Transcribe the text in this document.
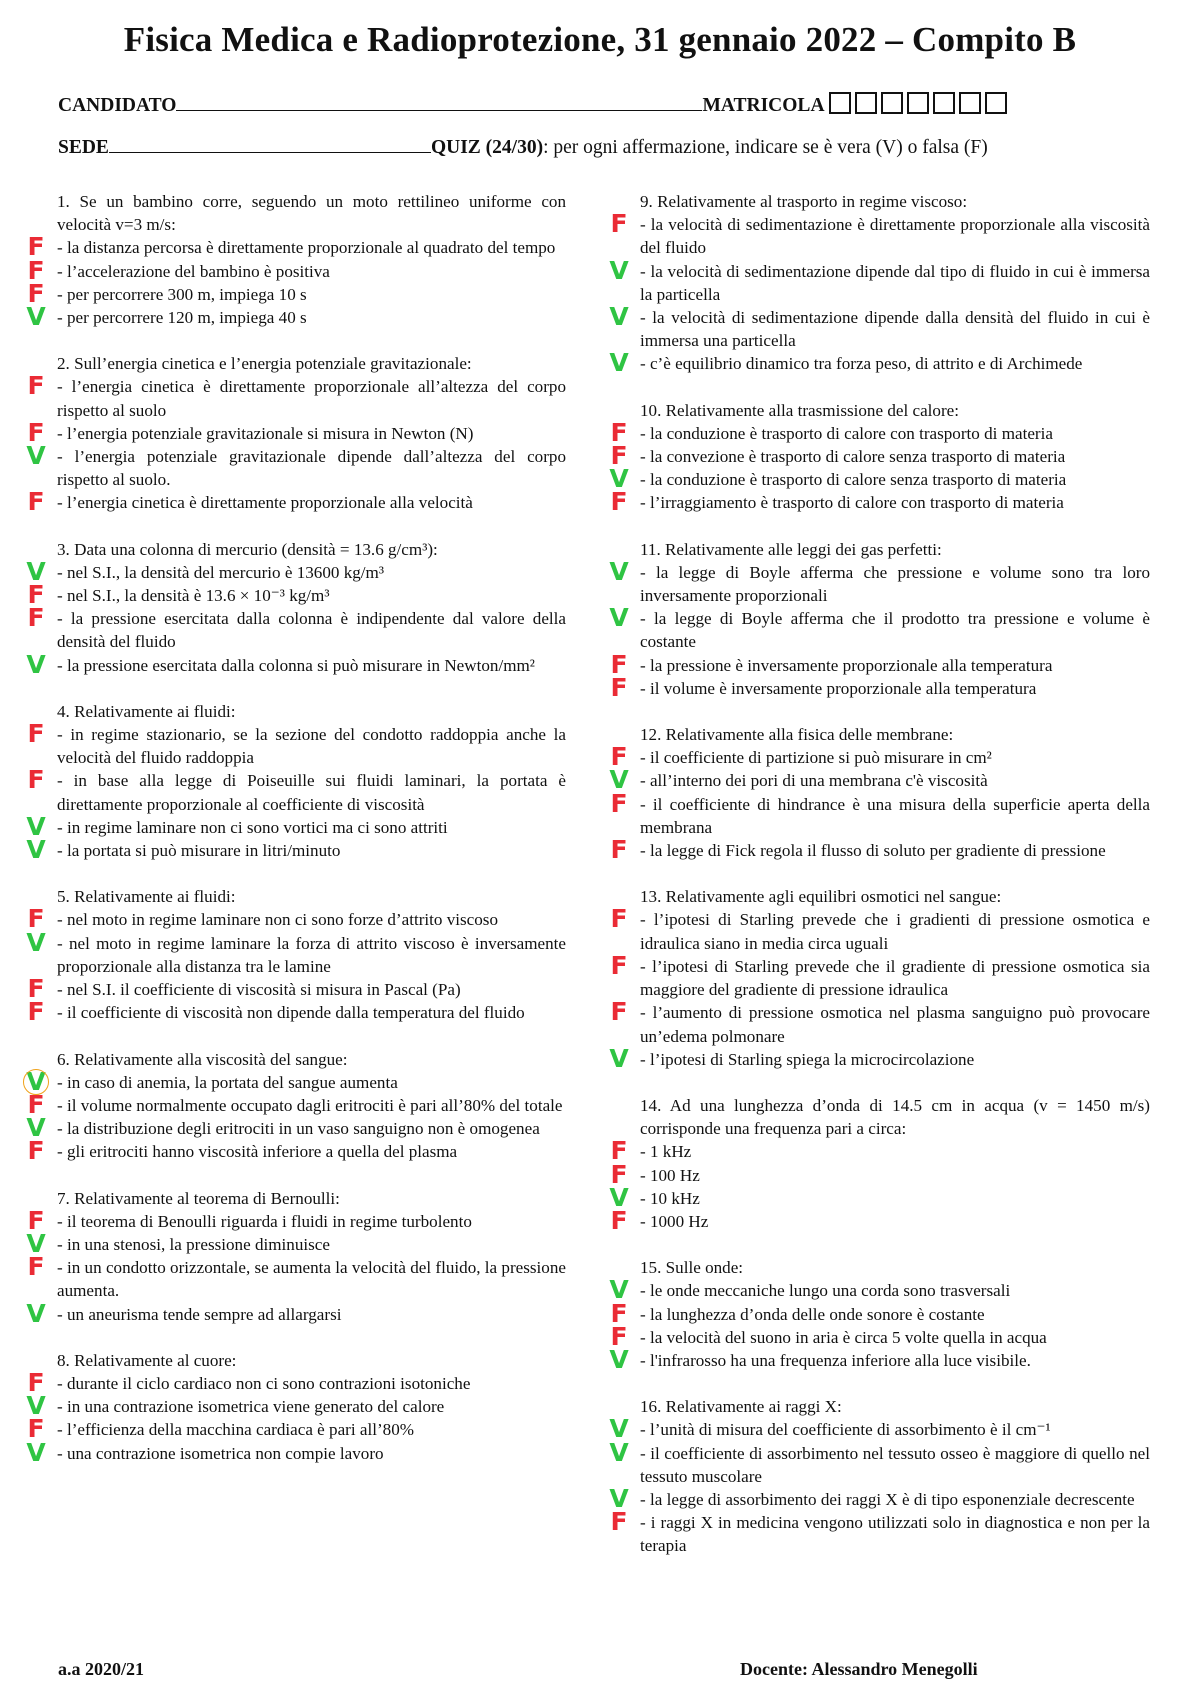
Fisica Medica e Radioprotezione, 31 gennaio 2022 – Compito B
CANDIDATO	MATRICOLA
SEDE	QUIZ (24/30): per ogni affermazione, indicare se è vera (V) o falsa (F)
1. Se un bambino corre, seguendo un moto rettilineo uniforme con velocità v=3 m/s:
F - la distanza percorsa è direttamente proporzionale al quadrato del tempo
F - l’accelerazione del bambino è positiva
F - per percorrere 300 m, impiega 10 s
V - per percorrere 120 m, impiega 40 s
2. Sull’energia cinetica e l’energia potenziale gravitazionale:
F - l’energia cinetica è direttamente proporzionale all’altezza del corpo rispetto al suolo
F - l’energia potenziale gravitazionale si misura in Newton (N)
V - l’energia potenziale gravitazionale dipende dall’altezza del corpo rispetto al suolo.
F - l’energia cinetica è direttamente proporzionale alla velocità
3. Data una colonna di mercurio (densità = 13.6 g/cm³):
V - nel S.I., la densità del mercurio è 13600 kg/m³
F - nel S.I., la densità è 13.6 × 10⁻³ kg/m³
F - la pressione esercitata dalla colonna è indipendente dal valore della densità del fluido
V - la pressione esercitata dalla colonna si può misurare in Newton/mm²
4. Relativamente ai fluidi:
F - in regime stazionario, se la sezione del condotto raddoppia anche la velocità del fluido raddoppia
F - in base alla legge di Poiseuille sui fluidi laminari, la portata è direttamente proporzionale al coefficiente di viscosità
V - in regime laminare non ci sono vortici ma ci sono attriti
V - la portata si può misurare in litri/minuto
5. Relativamente ai fluidi:
F - nel moto in regime laminare non ci sono forze d’attrito viscoso
V - nel moto in regime laminare la forza di attrito viscoso è inversamente proporzionale alla distanza tra le lamine
F - nel S.I. il coefficiente di viscosità si misura in Pascal (Pa)
F - il coefficiente di viscosità non dipende dalla temperatura del fluido
6. Relativamente alla viscosità del sangue:
V - in caso di anemia, la portata del sangue aumenta
F - il volume normalmente occupato dagli eritrociti è pari all’80% del totale
V - la distribuzione degli eritrociti in un vaso sanguigno non è omogenea
F - gli eritrociti hanno viscosità inferiore a quella del plasma
7. Relativamente al teorema di Bernoulli:
F - il teorema di Benoulli riguarda i fluidi in regime turbolento
V - in una stenosi, la pressione diminuisce
F - in un condotto orizzontale, se aumenta la velocità del fluido, la pressione aumenta.
V - un aneurisma tende sempre ad allargarsi
8. Relativamente al cuore:
F - durante il ciclo cardiaco non ci sono contrazioni isotoniche
V - in una contrazione isometrica viene generato del calore
F - l’efficienza della macchina cardiaca è pari all’80%
V - una contrazione isometrica non compie lavoro
9. Relativamente al trasporto in regime viscoso:
F - la velocità di sedimentazione è direttamente proporzionale alla viscosità del fluido
V - la velocità di sedimentazione dipende dal tipo di fluido in cui è immersa la particella
V - la velocità di sedimentazione dipende dalla densità del fluido in cui è immersa una particella
V - c’è equilibrio dinamico tra forza peso, di attrito e di Archimede
10. Relativamente alla trasmissione del calore:
F - la conduzione è trasporto di calore con trasporto di materia
F - la convezione è trasporto di calore senza trasporto di materia
V - la conduzione è trasporto di calore senza trasporto di materia
F - l’irraggiamento è trasporto di calore con trasporto di materia
11. Relativamente alle leggi dei gas perfetti:
V - la legge di Boyle afferma che pressione e volume sono tra loro inversamente proporzionali
V - la legge di Boyle afferma che il prodotto tra pressione e volume è costante
F - la pressione è inversamente proporzionale alla temperatura
F - il volume è inversamente proporzionale alla temperatura
12. Relativamente alla fisica delle membrane:
F - il coefficiente di partizione si può misurare in cm²
V - all’interno dei pori di una membrana c'è viscosità
F - il coefficiente di hindrance è una misura della superficie aperta della membrana
F - la legge di Fick regola il flusso di soluto per gradiente di pressione
13. Relativamente agli equilibri osmotici nel sangue:
F - l’ipotesi di Starling prevede che i gradienti di pressione osmotica e idraulica siano in media circa uguali
F - l’ipotesi di Starling prevede che il gradiente di pressione osmotica sia maggiore del gradiente di pressione idraulica
F - l’aumento di pressione osmotica nel plasma sanguigno può provocare un’edema polmonare
V - l’ipotesi di Starling spiega la microcircolazione
14. Ad una lunghezza d’onda di 14.5 cm in acqua (v = 1450 m/s) corrisponde una frequenza pari a circa:
F - 1 kHz
F - 100 Hz
V - 10 kHz
F - 1000 Hz
15. Sulle onde:
V - le onde meccaniche lungo una corda sono trasversali
F - la lunghezza d’onda delle onde sonore è costante
F - la velocità del suono in aria è circa 5 volte quella in acqua
V - l'infrarosso ha una frequenza inferiore alla luce visibile.
16. Relativamente ai raggi X:
V - l’unità di misura del coefficiente di assorbimento è il cm⁻¹
V - il coefficiente di assorbimento nel tessuto osseo è maggiore di quello nel tessuto muscolare
V - la legge di assorbimento dei raggi X è di tipo esponenziale decrescente
F - i raggi X in medicina vengono utilizzati solo in diagnostica e non per la terapia
a.a 2020/21	Docente: Alessandro Menegolli
